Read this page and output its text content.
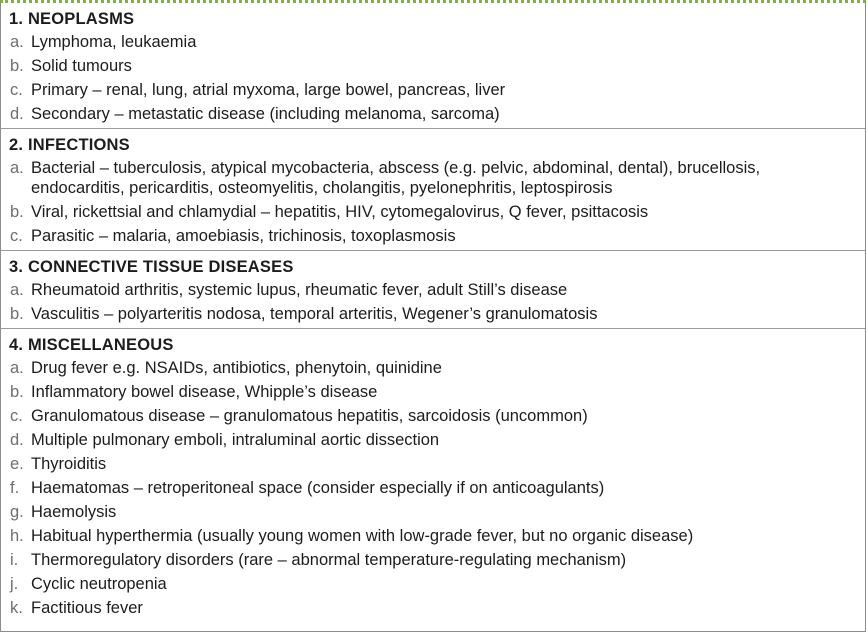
1. NEOPLASMS
a. Lymphoma, leukaemia
b. Solid tumours
c. Primary – renal, lung, atrial myxoma, large bowel, pancreas, liver
d. Secondary – metastatic disease (including melanoma, sarcoma)
2. INFECTIONS
a. Bacterial – tuberculosis, atypical mycobacteria, abscess (e.g. pelvic, abdominal, dental), brucellosis, endocarditis, pericarditis, osteomyelitis, cholangitis, pyelonephritis, leptospirosis
b. Viral, rickettsial and chlamydial – hepatitis, HIV, cytomegalovirus, Q fever, psittacosis
c. Parasitic – malaria, amoebiasis, trichinosis, toxoplasmosis
3. CONNECTIVE TISSUE DISEASES
a. Rheumatoid arthritis, systemic lupus, rheumatic fever, adult Still’s disease
b. Vasculitis – polyarteritis nodosa, temporal arteritis, Wegener’s granulomatosis
4. MISCELLANEOUS
a. Drug fever e.g. NSAIDs, antibiotics, phenytoin, quinidine
b. Inflammatory bowel disease, Whipple’s disease
c. Granulomatous disease – granulomatous hepatitis, sarcoidosis (uncommon)
d. Multiple pulmonary emboli, intraluminal aortic dissection
e. Thyroiditis
f. Haematomas – retroperitoneal space (consider especially if on anticoagulants)
g. Haemolysis
h. Habitual hyperthermia (usually young women with low-grade fever, but no organic disease)
i. Thermoregulatory disorders (rare – abnormal temperature-regulating mechanism)
j. Cyclic neutropenia
k. Factitious fever
